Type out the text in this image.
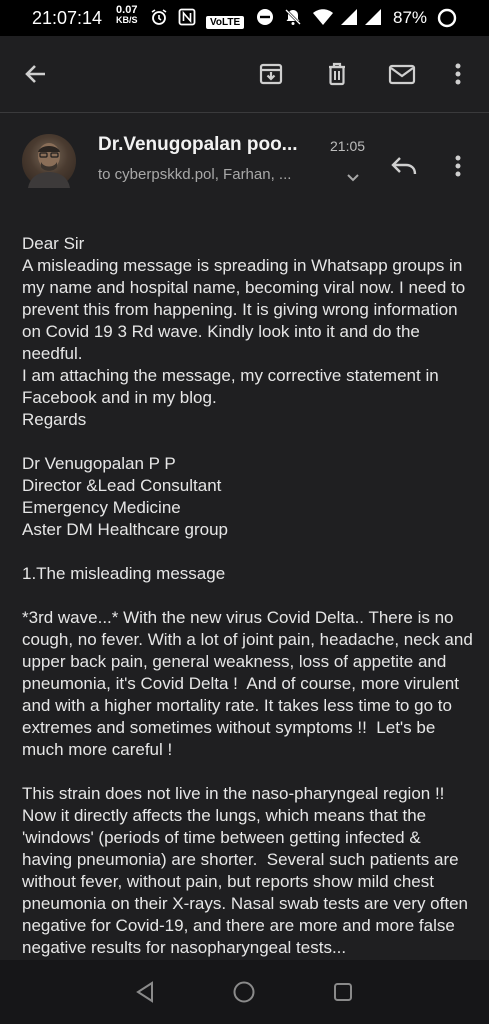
21:07:14 0.07
KB/S	VoLTE	87%
Dr.Venugopalan poo... 21:05
to cyberpskkd.pol, Farhan, ...
Dear Sir
A misleading message is spreading in Whatsapp groups in my name and hospital name, becoming viral now. I need to prevent this from happening. It is giving wrong information on Covid 19 3 Rd wave. Kindly look into it and do the needful.
I am attaching the message, my corrective statement in Facebook and in my blog.
Regards

Dr Venugopalan P P
Director &Lead Consultant
Emergency Medicine
Aster DM Healthcare group

1.The misleading message

*3rd wave...* With the new virus Covid Delta.. There is no cough, no fever. With a lot of joint pain, headache, neck and upper back pain, general weakness, loss of appetite and pneumonia, it's Covid Delta !  And of course, more virulent and with a higher mortality rate. It takes less time to go to extremes and sometimes without symptoms !!  Let's be much more careful !

This strain does not live in the naso-pharyngeal region !!  Now it directly affects the lungs, which means that the 'windows' (periods of time between getting infected & having pneumonia) are shorter.  Several such patients are without fever, without pain, but reports show mild chest pneumonia on their X-rays. Nasal swab tests are very often negative for Covid-19, and there are more and more false negative results for nasopharyngeal tests...
